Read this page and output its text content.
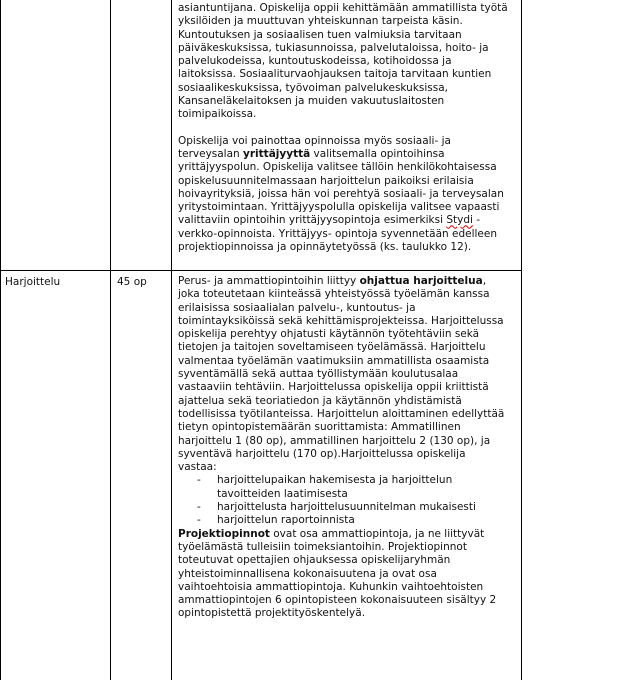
asiantuntijana. Opiskelija oppii kehittämään ammatillista työtä

yksilöiden ja muuttuvan yhteiskunnan tarpeista käsin.

Kuntoutuksen ja sosiaalisen tuen valmiuksia tarvitaan

päiväkeskuksissa, tukiasunnoissa, palvelutaloissa, hoito- ja

palvelukodeissa, kuntoutuskodeissa, kotihoidossa ja

laitoksissa. Sosiaaliturvaohjauksen taitoja tarvitaan kuntien

sosiaalikeskuksissa, työvoiman palvelukeskuksissa,

Kansaneläkelaitoksen ja muiden vakuutuslaitosten

toimipaikoissa.

Opiskelija voi painottaa opinnoissa myös sosiaali- ja

terveysalan yrittäjyyttä valitsemalla opintoihinsa

yrittäjyyspolun. Opiskelija valitsee tällöin henkilökohtaisessa

opiskelusuunnitelmassaan harjoittelun paikoiksi erilaisia

hoivayrityksiä, joissa hän voi perehtyä sosiaali- ja terveysalan

yritystoimintaan. Yrittäjyyspolulla opiskelija valitsee vapaasti

valittaviin opintoihin yrittäjyysopintoja esimerkiksi Stydi -

verkko-opinnoista. Yrittäjyys- opintoja syvennetään edelleen

projektiopinnoissa ja opinnäytetyössä (ks. taulukko 12).

Harjoittelu	45 op	Perus- ja ammattiopintoihin liittyy ohjattua harjoittelua,

joka toteutetaan kiinteässä yhteistyössä työelämän kanssa

erilaisissa sosiaalialan palvelu-, kuntoutus- ja

toimintayksiköissä sekä kehittämisprojekteissa. Harjoittelussa

opiskelija perehtyy ohjatusti käytännön työtehtäviin sekä

tietojen ja taitojen soveltamiseen työelämässä. Harjoittelu

valmentaa työelämän vaatimuksiin ammatillista osaamista

syventämällä sekä auttaa työllistymään koulutusalaa

vastaaviin tehtäviin. Harjoittelussa opiskelija oppii kriittistä

ajattelua sekä teoriatiedon ja käytännön yhdistämistä

todellisissa työtilanteissa. Harjoittelun aloittaminen edellyttää

tietyn opintopistemäärän suorittamista: Ammatillinen

harjoittelu 1 (80 op), ammatillinen harjoittelu 2 (130 op), ja

syventävä harjoittelu (170 op).Harjoittelussa opiskelija

vastaa:

- harjoittelupaikan hakemisesta ja harjoittelun

tavoitteiden laatimisesta

- harjoittelusta harjoittelusuunnitelman mukaisesti

- harjoittelun raportoinnista

Projektiopinnot ovat osa ammattiopintoja, ja ne liittyvät

työelämästä tulleisiin toimeksiantoihin. Projektiopinnot

toteutuvat opettajien ohjauksessa opiskelijaryhmän

yhteistoiminnallisena kokonaisuutena ja ovat osa

vaihtoehtoisia ammattiopintoja. Kuhunkin vaihtoehtoisten

ammattiopintojen 6 opintopisteen kokonaisuuteen sisältyy 2

opintopistettä projektityöskentelyä.
